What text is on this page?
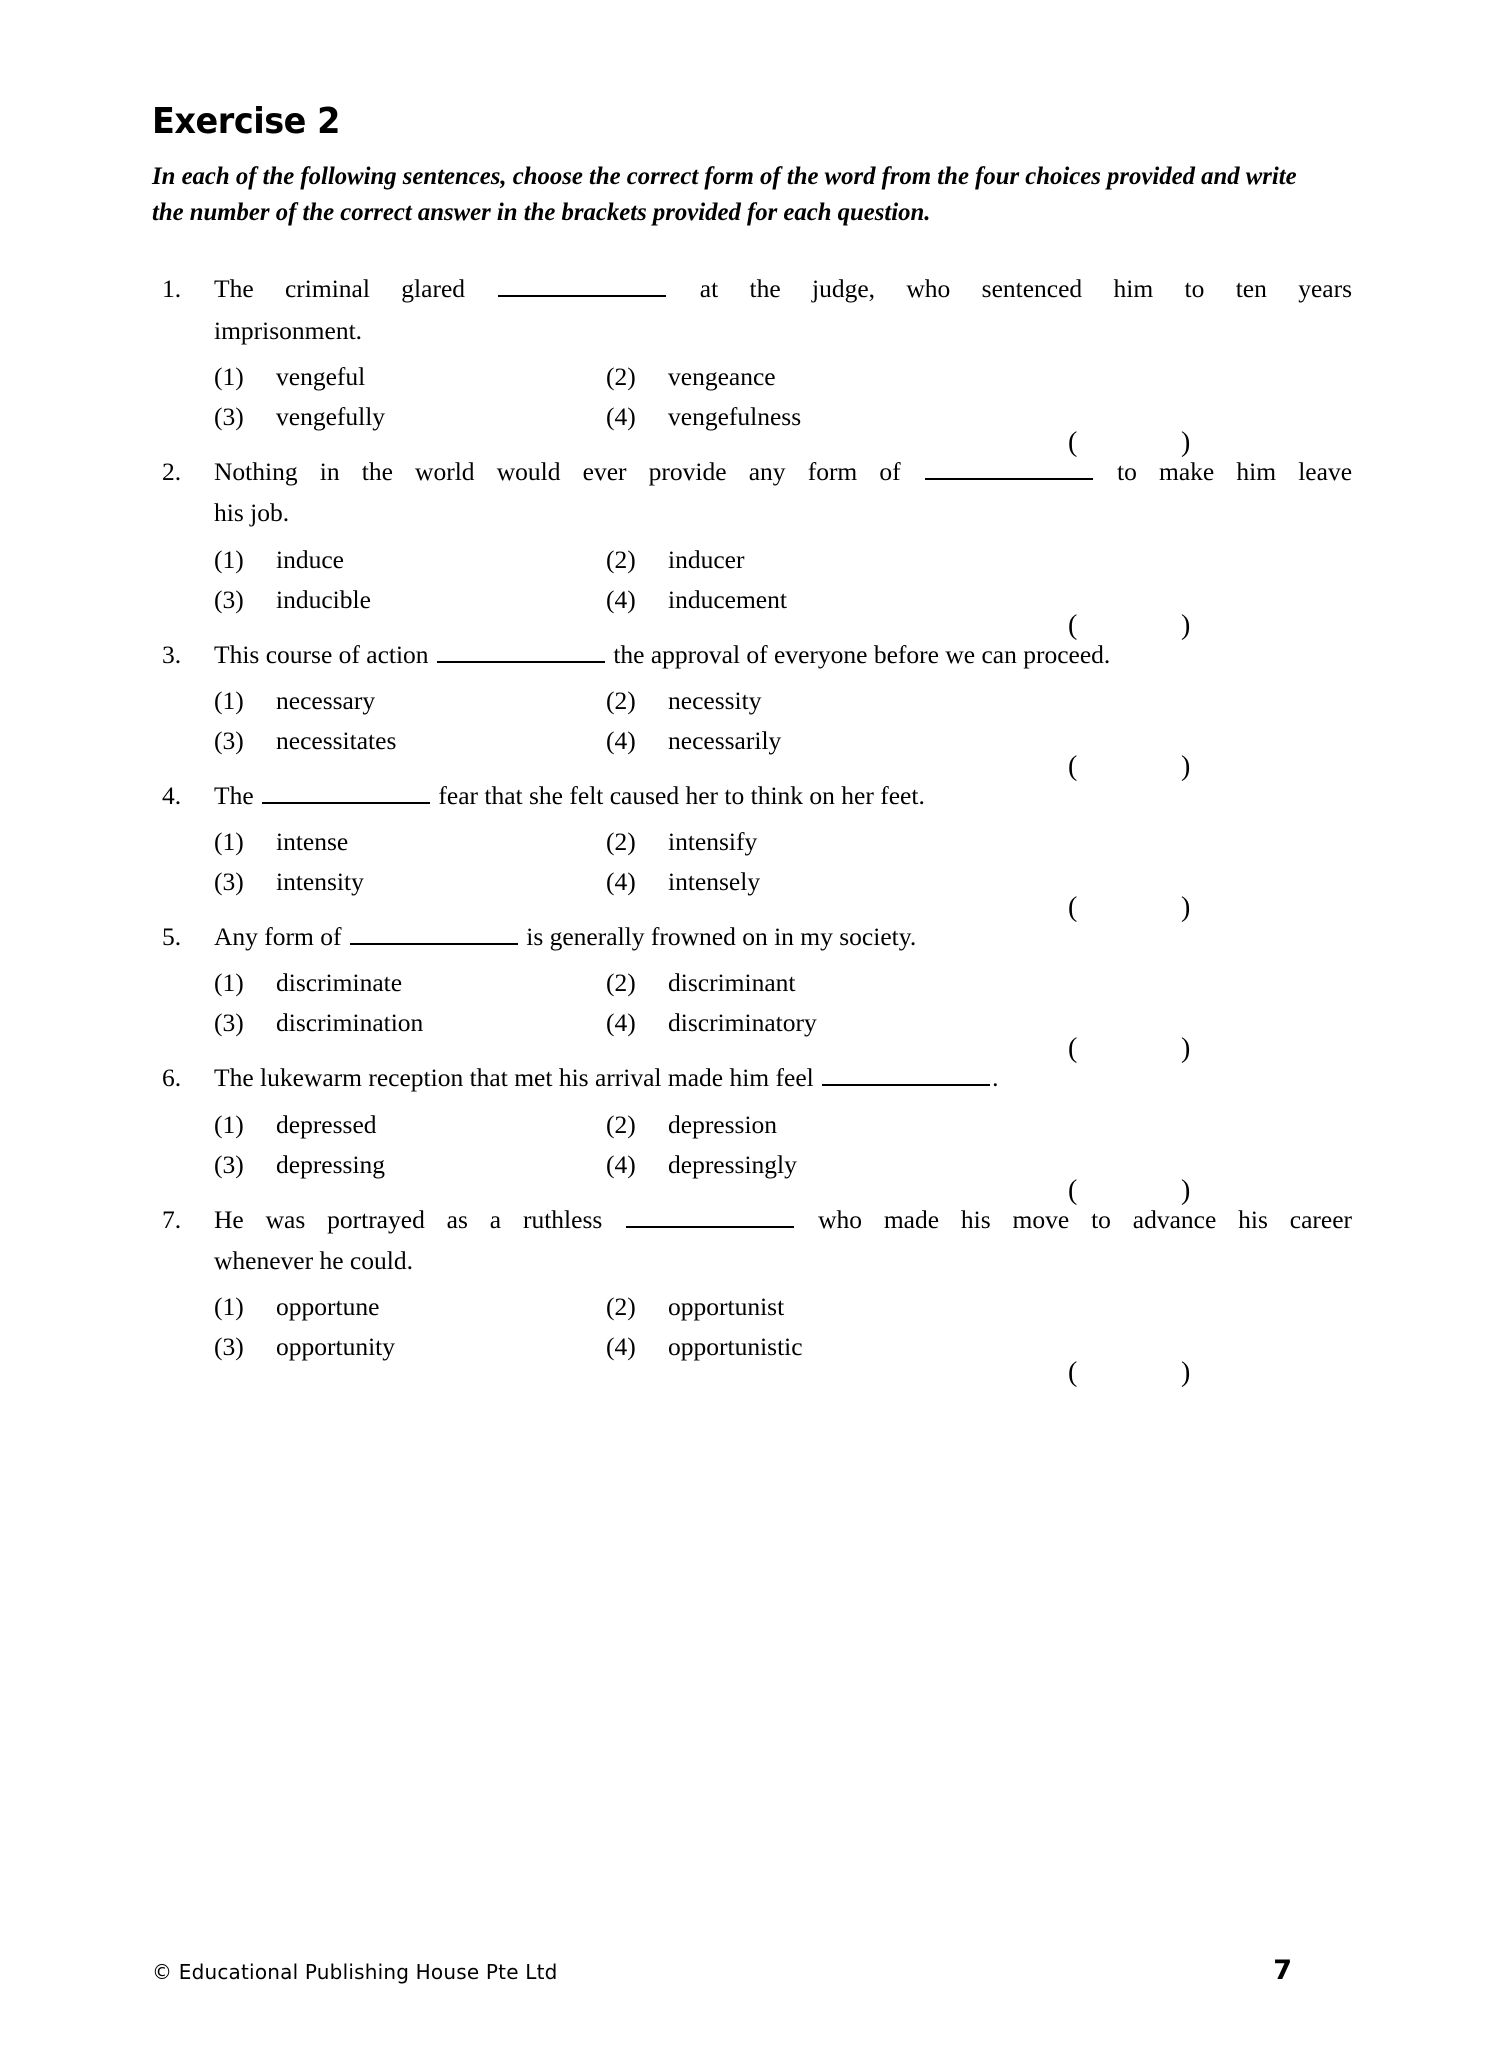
Exercise 2

In each of the following sentences, choose the correct form of the word from the four choices provided and write the number of the correct answer in the brackets provided for each question.

1.	The criminal glared	at the judge, who sentenced him to ten years
imprisonment.
(1)	vengeful	(2)	vengeance
(3)	vengefully	(4)	vengefulness
(	)
2.	Nothing in the world would ever provide any form of	to make him leave
his job.
(1)	induce	(2)	inducer
(3)	inducible	(4)	inducement
(	)
3.	This course of action	the approval of everyone before we can proceed.
(1)	necessary	(2)	necessity
(3)	necessitates	(4)	necessarily
(	)
4.	The	fear that she felt caused her to think on her feet.
(1)	intense	(2)	intensify
(3)	intensity	(4)	intensely
(	)
5.	Any form of	is generally frowned on in my society.
(1)	discriminate	(2)	discriminant
(3)	discrimination	(4)	discriminatory
(	)
6.	The lukewarm reception that met his arrival made him feel	.
(1)	depressed	(2)	depression
(3)	depressing	(4)	depressingly
(	)
7.	He was portrayed as a ruthless	who made his move to advance his career
whenever he could.
(1)	opportune	(2)	opportunist
(3)	opportunity	(4)	opportunistic
(	)
© Educational Publishing House Pte Ltd	7
